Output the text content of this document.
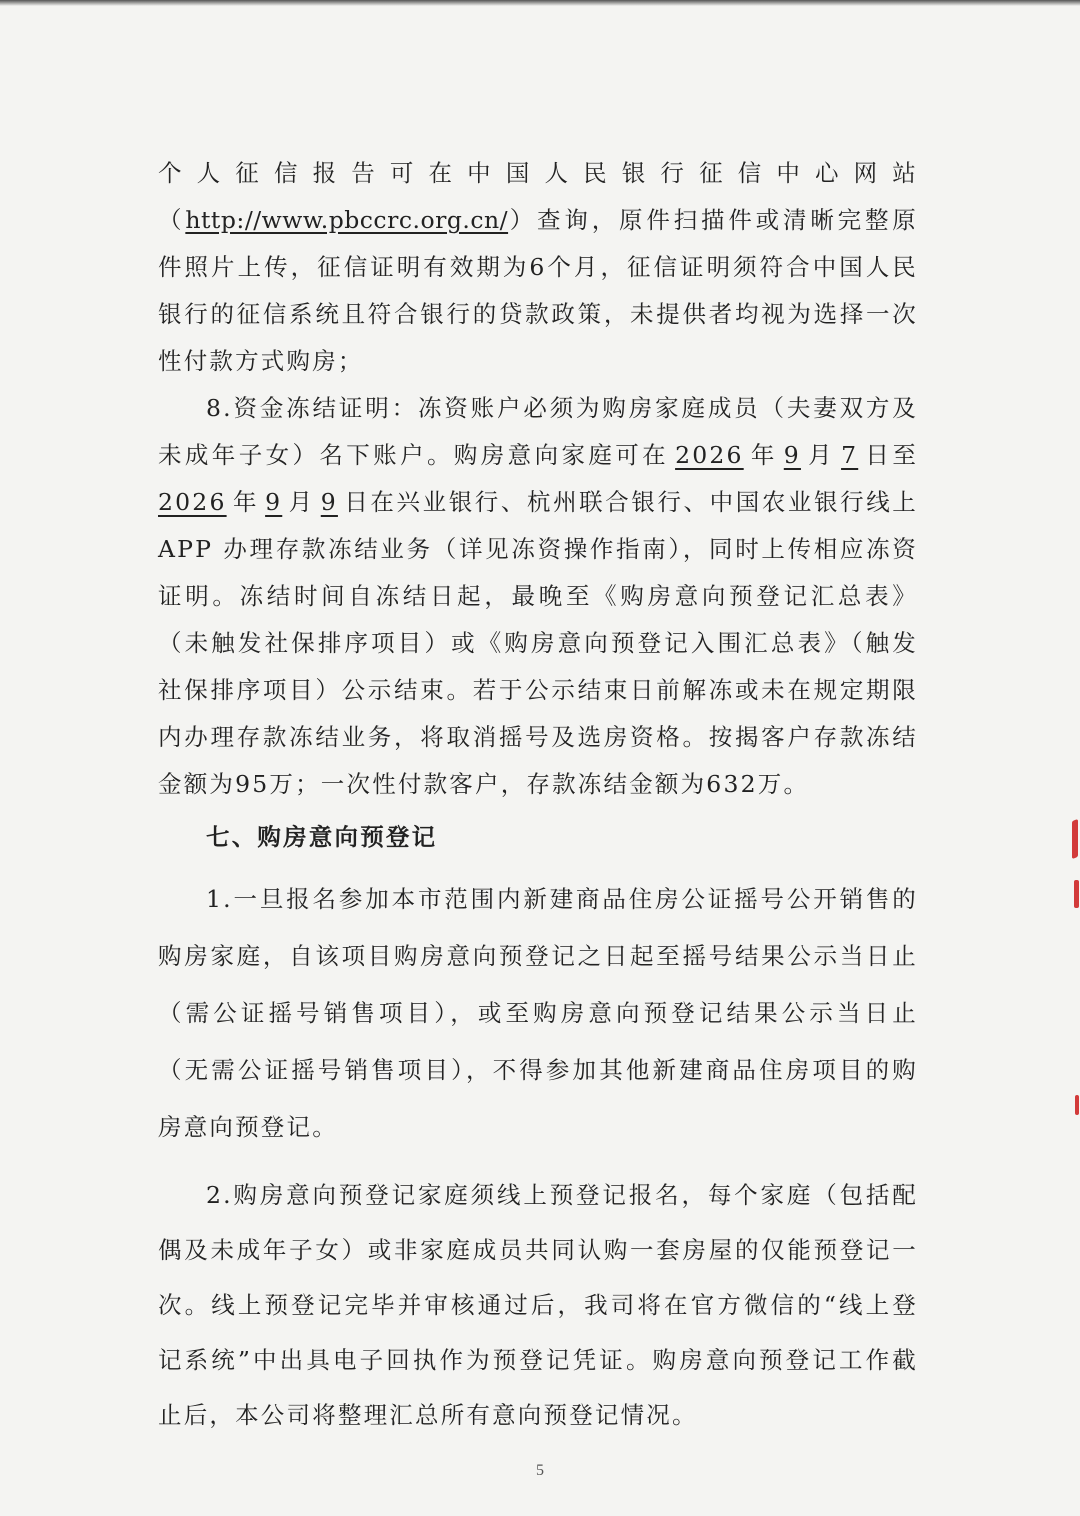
个人征信报告可在中国人民银行征信中心网站

（http://www.pbccrc.org.cn/）查询，原件扫描件或清晰完整原

件照片上传，征信证明有效期为6个月，征信证明须符合中国人民

银行的征信系统且符合银行的贷款政策，未提供者均视为选择一次

性付款方式购房；

8.资金冻结证明：冻资账户必须为购房家庭成员（夫妻双方及

未成年子女）名下账户。购房意向家庭可在 2026 年 9 月 7 日至

2026 年 9 月 9 日在兴业银行、杭州联合银行、中国农业银行线上

APP 办理存款冻结业务（详见冻资操作指南），同时上传相应冻资

证明。冻结时间自冻结日起，最晚至《购房意向预登记汇总表》

（未触发社保排序项目）或《购房意向预登记入围汇总表》（触发

社保排序项目）公示结束。若于公示结束日前解冻或未在规定期限

内办理存款冻结业务，将取消摇号及选房资格。按揭客户存款冻结

金额为95万；一次性付款客户，存款冻结金额为632万。

七、购房意向预登记

1.一旦报名参加本市范围内新建商品住房公证摇号公开销售的

购房家庭，自该项目购房意向预登记之日起至摇号结果公示当日止

（需公证摇号销售项目），或至购房意向预登记结果公示当日止

（无需公证摇号销售项目），不得参加其他新建商品住房项目的购

房意向预登记。

2.购房意向预登记家庭须线上预登记报名，每个家庭（包括配

偶及未成年子女）或非家庭成员共同认购一套房屋的仅能预登记一

次。线上预登记完毕并审核通过后，我司将在官方微信的“线上登

记系统”中出具电子回执作为预登记凭证。购房意向预登记工作截

止后，本公司将整理汇总所有意向预登记情况。

5
